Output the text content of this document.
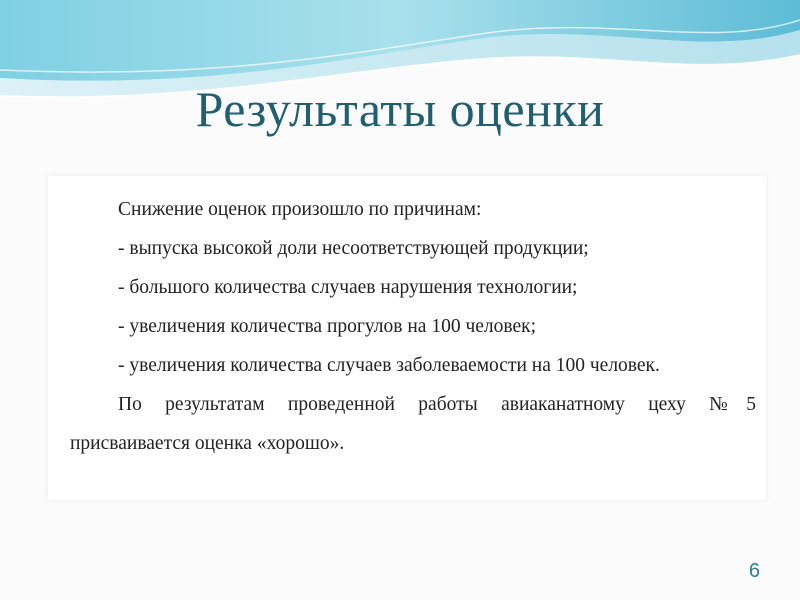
Результаты оценки
Снижение оценок произошло по причинам:
- выпуска высокой доли несоответствующей продукции;
- большого количества случаев нарушения технологии;
- увеличения количества прогулов на 100 человек;
- увеличения количества случаев заболеваемости на 100 человек.
По результатам проведенной работы авиаканатному цеху №5
присваивается оценка «хорошо».
6
